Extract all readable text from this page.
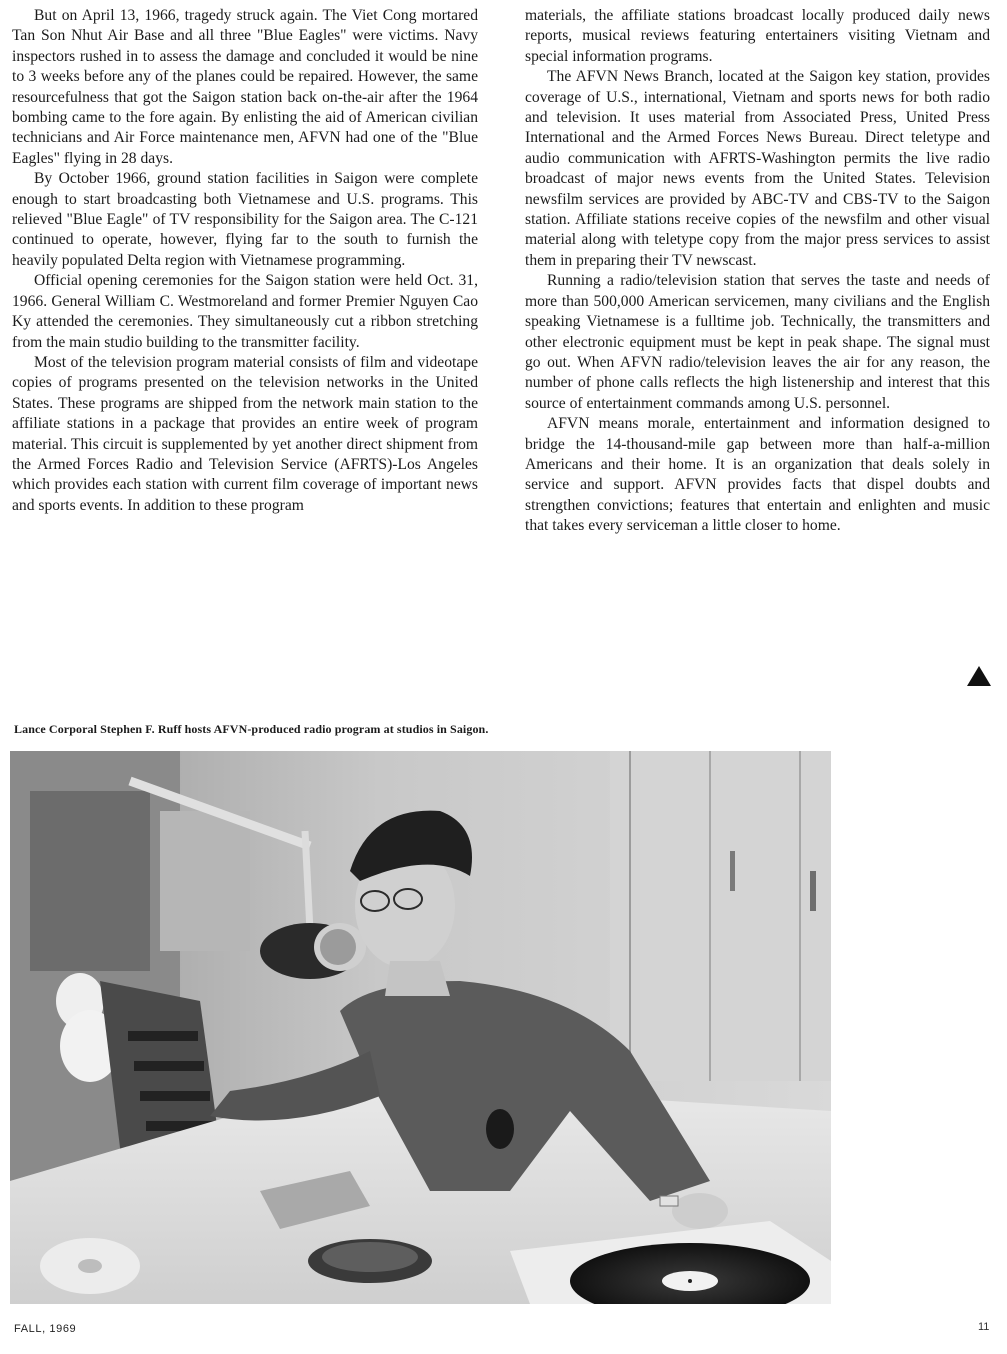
But on April 13, 1966, tragedy struck again. The Viet Cong mortared Tan Son Nhut Air Base and all three "Blue Eagles" were victims. Navy inspectors rushed in to assess the damage and concluded it would be nine to 3 weeks before any of the planes could be repaired. However, the same resourcefulness that got the Saigon station back on-the-air after the 1964 bombing came to the fore again. By enlisting the aid of American civilian technicians and Air Force maintenance men, AFVN had one of the "Blue Eagles" flying in 28 days.

By October 1966, ground station facilities in Saigon were complete enough to start broadcasting both Vietnamese and U.S. programs. This relieved "Blue Eagle" of TV responsibility for the Saigon area. The C-121 continued to operate, however, flying far to the south to furnish the heavily populated Delta region with Vietnamese programming.

Official opening ceremonies for the Saigon station were held Oct. 31, 1966. General William C. Westmoreland and former Premier Nguyen Cao Ky attended the ceremonies. They simultaneously cut a ribbon stretching from the main studio building to the transmitter facility.

Most of the television program material consists of film and videotape copies of programs presented on the television networks in the United States. These programs are shipped from the network main station to the affiliate stations in a package that provides an entire week of program material. This circuit is supplemented by yet another direct shipment from the Armed Forces Radio and Television Service (AFRTS)-Los Angeles which provides each station with current film coverage of important news and sports events. In addition to these program

materials, the affiliate stations broadcast locally produced daily news reports, musical reviews featuring entertainers visiting Vietnam and special information programs.

The AFVN News Branch, located at the Saigon key station, provides coverage of U.S., international, Vietnam and sports news for both radio and television. It uses material from Associated Press, United Press International and the Armed Forces News Bureau. Direct teletype and audio communication with AFRTS-Washington permits the live radio broadcast of major news events from the United States. Television newsfilm services are provided by ABC-TV and CBS-TV to the Saigon station. Affiliate stations receive copies of the newsfilm and other visual material along with teletype copy from the major press services to assist them in preparing their TV newscast.

Running a radio/television station that serves the taste and needs of more than 500,000 American servicemen, many civilians and the English speaking Vietnamese is a fulltime job. Technically, the transmitters and other electronic equipment must be kept in peak shape. The signal must go out. When AFVN radio/television leaves the air for any reason, the number of phone calls reflects the high listenership and interest that this source of entertainment commands among U.S. personnel.

AFVN means morale, entertainment and information designed to bridge the 14-thousand-mile gap between more than half-a-million Americans and their home. It is an organization that deals solely in service and support. AFVN provides facts that dispel doubts and strengthen convictions; features that entertain and enlighten and music that takes every serviceman a little closer to home.

Lance Corporal Stephen F. Ruff hosts AFVN-produced radio program at studios in Saigon.
FALL, 1969	11
